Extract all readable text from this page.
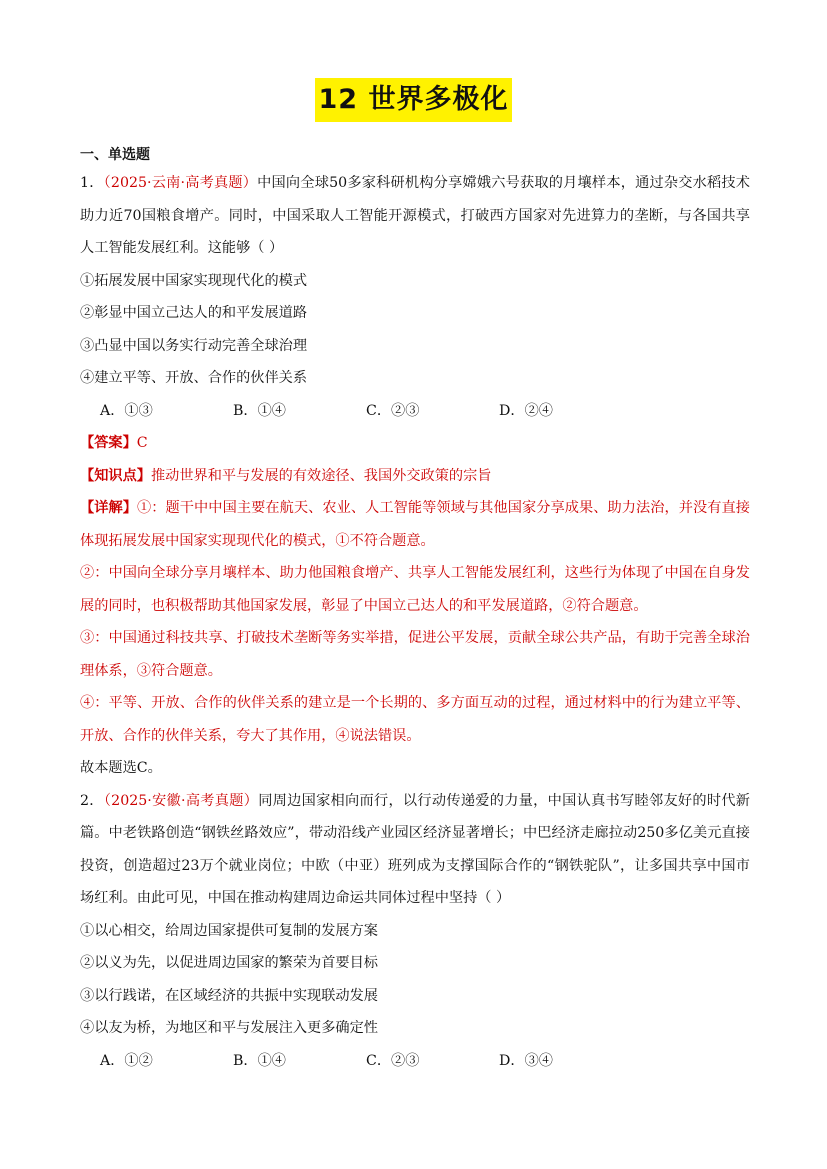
12 世界多极化
一、单选题

1．（2025·云南·高考真题）中国向全球50多家科研机构分享嫦娥六号获取的月壤样本，通过杂交水稻技术助力近70国粮食增产。同时，中国采取人工智能开源模式，打破西方国家对先进算力的垄断，与各国共享人工智能发展红利。这能够（ ）

①拓展发展中国家实现现代化的模式

②彰显中国立己达人的和平发展道路

③凸显中国以务实行动完善全球治理

④建立平等、开放、合作的伙伴关系

A．①③	B．①④	C．②③	D．②④

【答案】C

【知识点】推动世界和平与发展的有效途径、我国外交政策的宗旨

【详解】①：题干中中国主要在航天、农业、人工智能等领域与其他国家分享成果、助力法治，并没有直接体现拓展发展中国家实现现代化的模式，①不符合题意。

②：中国向全球分享月壤样本、助力他国粮食增产、共享人工智能发展红利，这些行为体现了中国在自身发展的同时，也积极帮助其他国家发展，彰显了中国立己达人的和平发展道路，②符合题意。

③：中国通过科技共享、打破技术垄断等务实举措，促进公平发展，贡献全球公共产品，有助于完善全球治理体系，③符合题意。

④：平等、开放、合作的伙伴关系的建立是一个长期的、多方面互动的过程，通过材料中的行为建立平等、开放、合作的伙伴关系，夸大了其作用，④说法错误。

故本题选C。

2．（2025·安徽·高考真题）同周边国家相向而行，以行动传递爱的力量，中国认真书写睦邻友好的时代新篇。中老铁路创造“钢铁丝路效应”，带动沿线产业园区经济显著增长；中巴经济走廊拉动250多亿美元直接投资，创造超过23万个就业岗位；中欧（中亚）班列成为支撑国际合作的“钢铁驼队”，让多国共享中国市场红利。由此可见，中国在推动构建周边命运共同体过程中坚持（ ）

①以心相交，给周边国家提供可复制的发展方案

②以义为先，以促进周边国家的繁荣为首要目标

③以行践诺，在区域经济的共振中实现联动发展

④以友为桥，为地区和平与发展注入更多确定性

A．①②	B．①④	C．②③	D．③④
